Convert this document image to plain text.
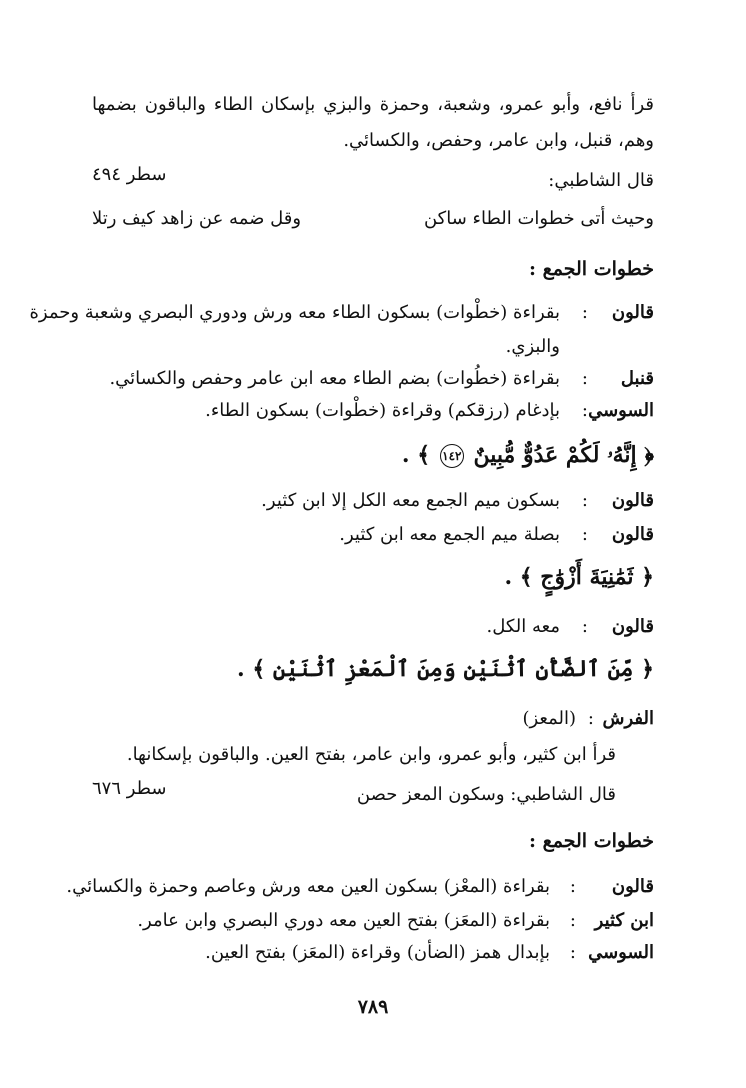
قرأ نافع، وأبو عمرو، وشعبة، وحمزة والبزي بإسكان الطاء والباقون بضمها
وهم، قنبل، وابن عامر، وحفص، والكسائي.
قال الشاطبي:
سطر ٤٩٤
وحيث أتى خطوات الطاء ساكن
وقل ضمه عن زاهد كيف رتلا
خطوات الجمع :
قالون
:
بقراءة (خطْوات) بسكون الطاء معه ورش ودوري البصري وشعبة وحمزة
والبزي.
قنبل
:
بقراءة (خطُوات) بضم الطاء معه ابن عامر وحفص والكسائي.
السوسي
:
بإدغام (رزقكم) وقراءة (خطْوات) بسكون الطاء.
﴿ إِنَّهُۥ لَكُمْ عَدُوٌّ مُّبِينٌ ١٤٢ ﴾ .
قالون
:
بسكون ميم الجمع معه الكل إلا ابن كثير.
قالون
:
بصلة ميم الجمع معه ابن كثير.
﴿ ثَمَٰنِيَةَ أَزْوَٰجٍ ﴾ .
قالون
:
معه الكل.
﴿ مِّنَ ٱلضَّأْنِ ٱثْنَيْنِ وَمِنَ ٱلْمَعْزِ ٱثْنَيْنِ ﴾ .
الفرش
:
(المعز)
قرأ ابن كثير، وأبو عمرو، وابن عامر، بفتح العين. والباقون بإسكانها.
قال الشاطبي: وسكون المعز حصن
سطر ٦٧٦
خطوات الجمع :
قالون
:
بقراءة (المعْز) بسكون العين معه ورش وعاصم وحمزة والكسائي.
ابن كثير
:
بقراءة (المعَز) بفتح العين معه دوري البصري وابن عامر.
السوسي
:
بإبدال همز (الضأن) وقراءة (المعَز) بفتح العين.
٧٨٩
